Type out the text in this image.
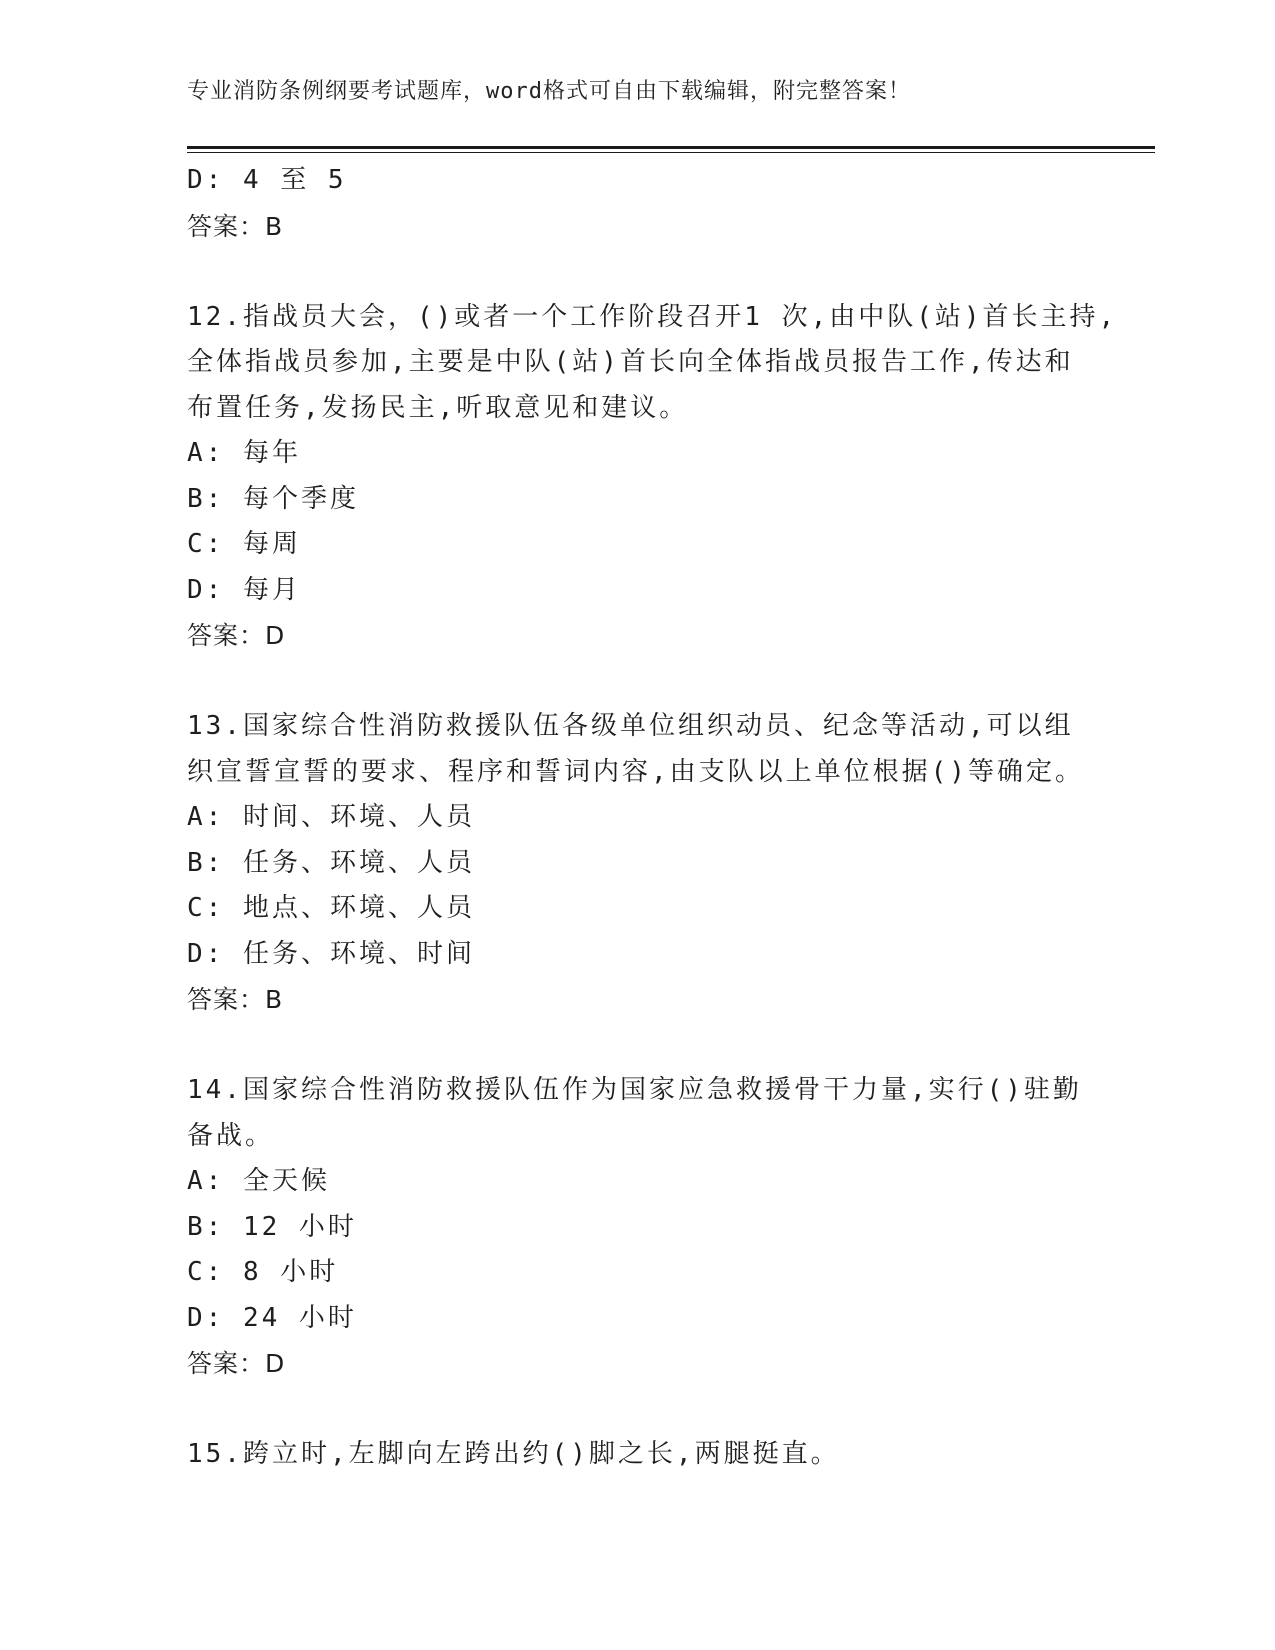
专业消防条例纲要考试题库，word格式可自由下载编辑，附完整答案！
D: 4 至 5
答案：B
12.指战员大会，()或者一个工作阶段召开1 次,由中队(站)首长主持,
全体指战员参加,主要是中队(站)首长向全体指战员报告工作,传达和
布置任务,发扬民主,听取意见和建议。
A: 每年
B: 每个季度
C: 每周
D: 每月
答案：D
13.国家综合性消防救援队伍各级单位组织动员、纪念等活动,可以组
织宣誓宣誓的要求、程序和誓词内容,由支队以上单位根据()等确定。
A: 时间、环境、人员
B: 任务、环境、人员
C: 地点、环境、人员
D: 任务、环境、时间
答案：B
14.国家综合性消防救援队伍作为国家应急救援骨干力量,实行()驻勤
备战。
A: 全天候
B: 12 小时
C: 8 小时
D: 24 小时
答案：D
15.跨立时,左脚向左跨出约()脚之长,两腿挺直。
